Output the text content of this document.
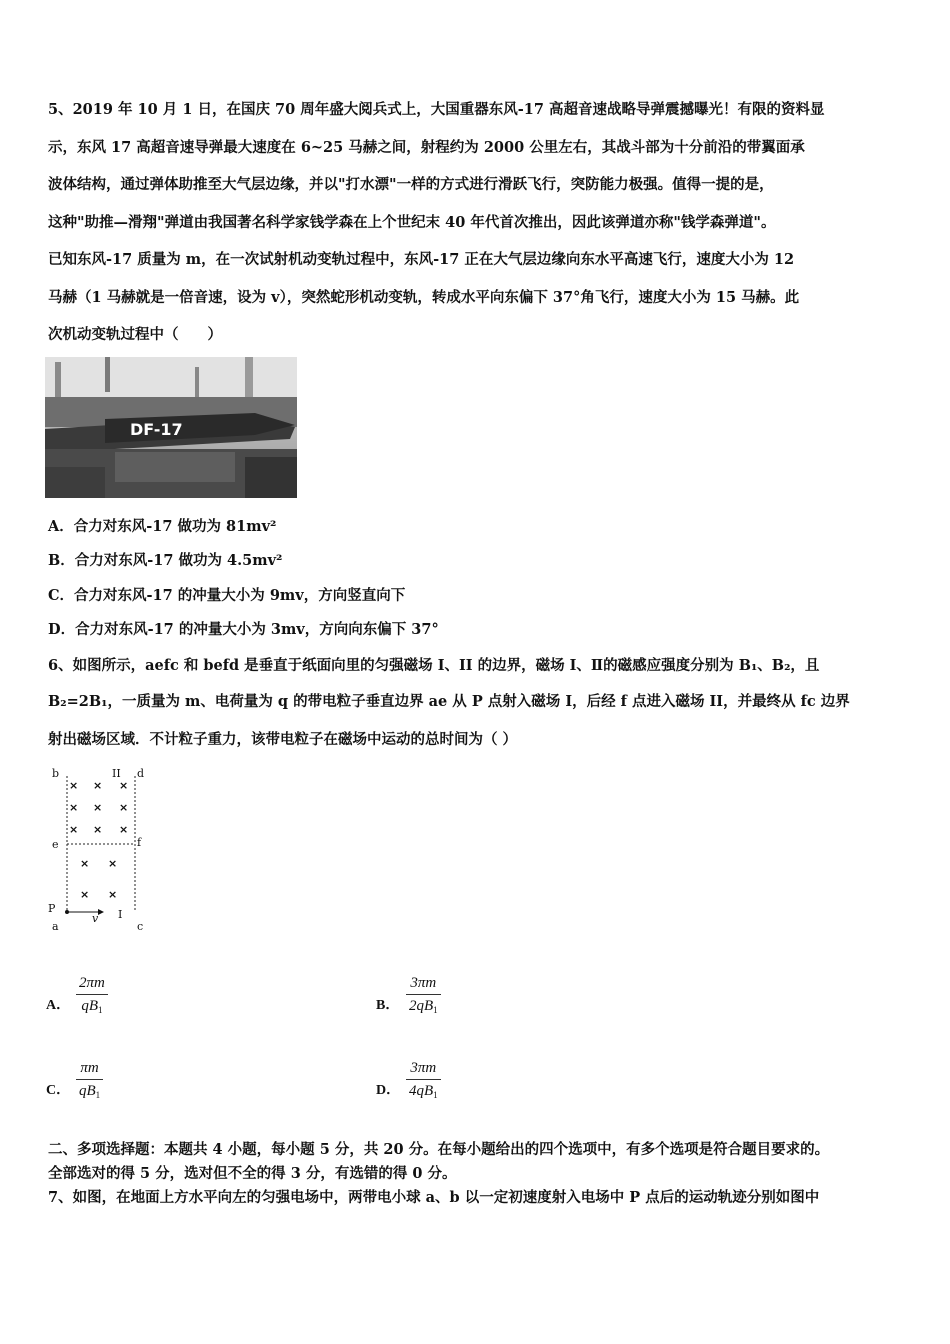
5、2019 年 10 月 1 日，在国庆 70 周年盛大阅兵式上，大国重器东风-17 高超音速战略导弹震撼曝光！有限的资料显
示，东风 17 高超音速导弹最大速度在 6~25 马赫之间，射程约为 2000 公里左右，其战斗部为十分前沿的带翼面承
波体结构，通过弹体助推至大气层边缘，并以"打水漂"一样的方式进行滑跃飞行，突防能力极强。值得一提的是，
这种"助推—滑翔"弹道由我国著名科学家钱学森在上个世纪末 40 年代首次推出，因此该弹道亦称"钱学森弹道"。
已知东风-17 质量为 m，在一次试射机动变轨过程中，东风-17 正在大气层边缘向东水平高速飞行，速度大小为 12
马赫（1 马赫就是一倍音速，设为 v），突然蛇形机动变轨，转成水平向东偏下 37°角飞行，速度大小为 15 马赫。此
次机动变轨过程中（　　）
DF-17
A．合力对东风-17 做功为 81mv²
B．合力对东风-17 做功为 4.5mv²
C．合力对东风-17 的冲量大小为 9mv，方向竖直向下
D．合力对东风-17 的冲量大小为 3mv，方向向东偏下 37°
6、如图所示，aefc 和 befd 是垂直于纸面向里的匀强磁场 I、II 的边界，磁场 I、Ⅱ的磁感应强度分别为 B₁、B₂，且
B₂=2B₁，一质量为 m、电荷量为 q 的带电粒子垂直边界 ae 从 P 点射入磁场 I，后经 f 点进入磁场 II，并最终从 fc 边界
射出磁场区域．不计粒子重力，该带电粒子在磁场中运动的总时间为（ ）
b	II d
e	f
P	I
a	c
v
× × ×
× × ×
× × ×
× ×
× ×
A．
2πm
$qB_1$	B．
3πm
$2qB_1$
C．
πm
$qB_1$	D．
3πm
$4qB_1$
二、多项选择题：本题共 4 小题，每小题 5 分，共 20 分。在每小题给出的四个选项中，有多个选项是符合题目要求的。
全部选对的得 5 分，选对但不全的得 3 分，有选错的得 0 分。
7、如图，在地面上方水平向左的匀强电场中，两带电小球 a、b 以一定初速度射入电场中 P 点后的运动轨迹分别如图中
